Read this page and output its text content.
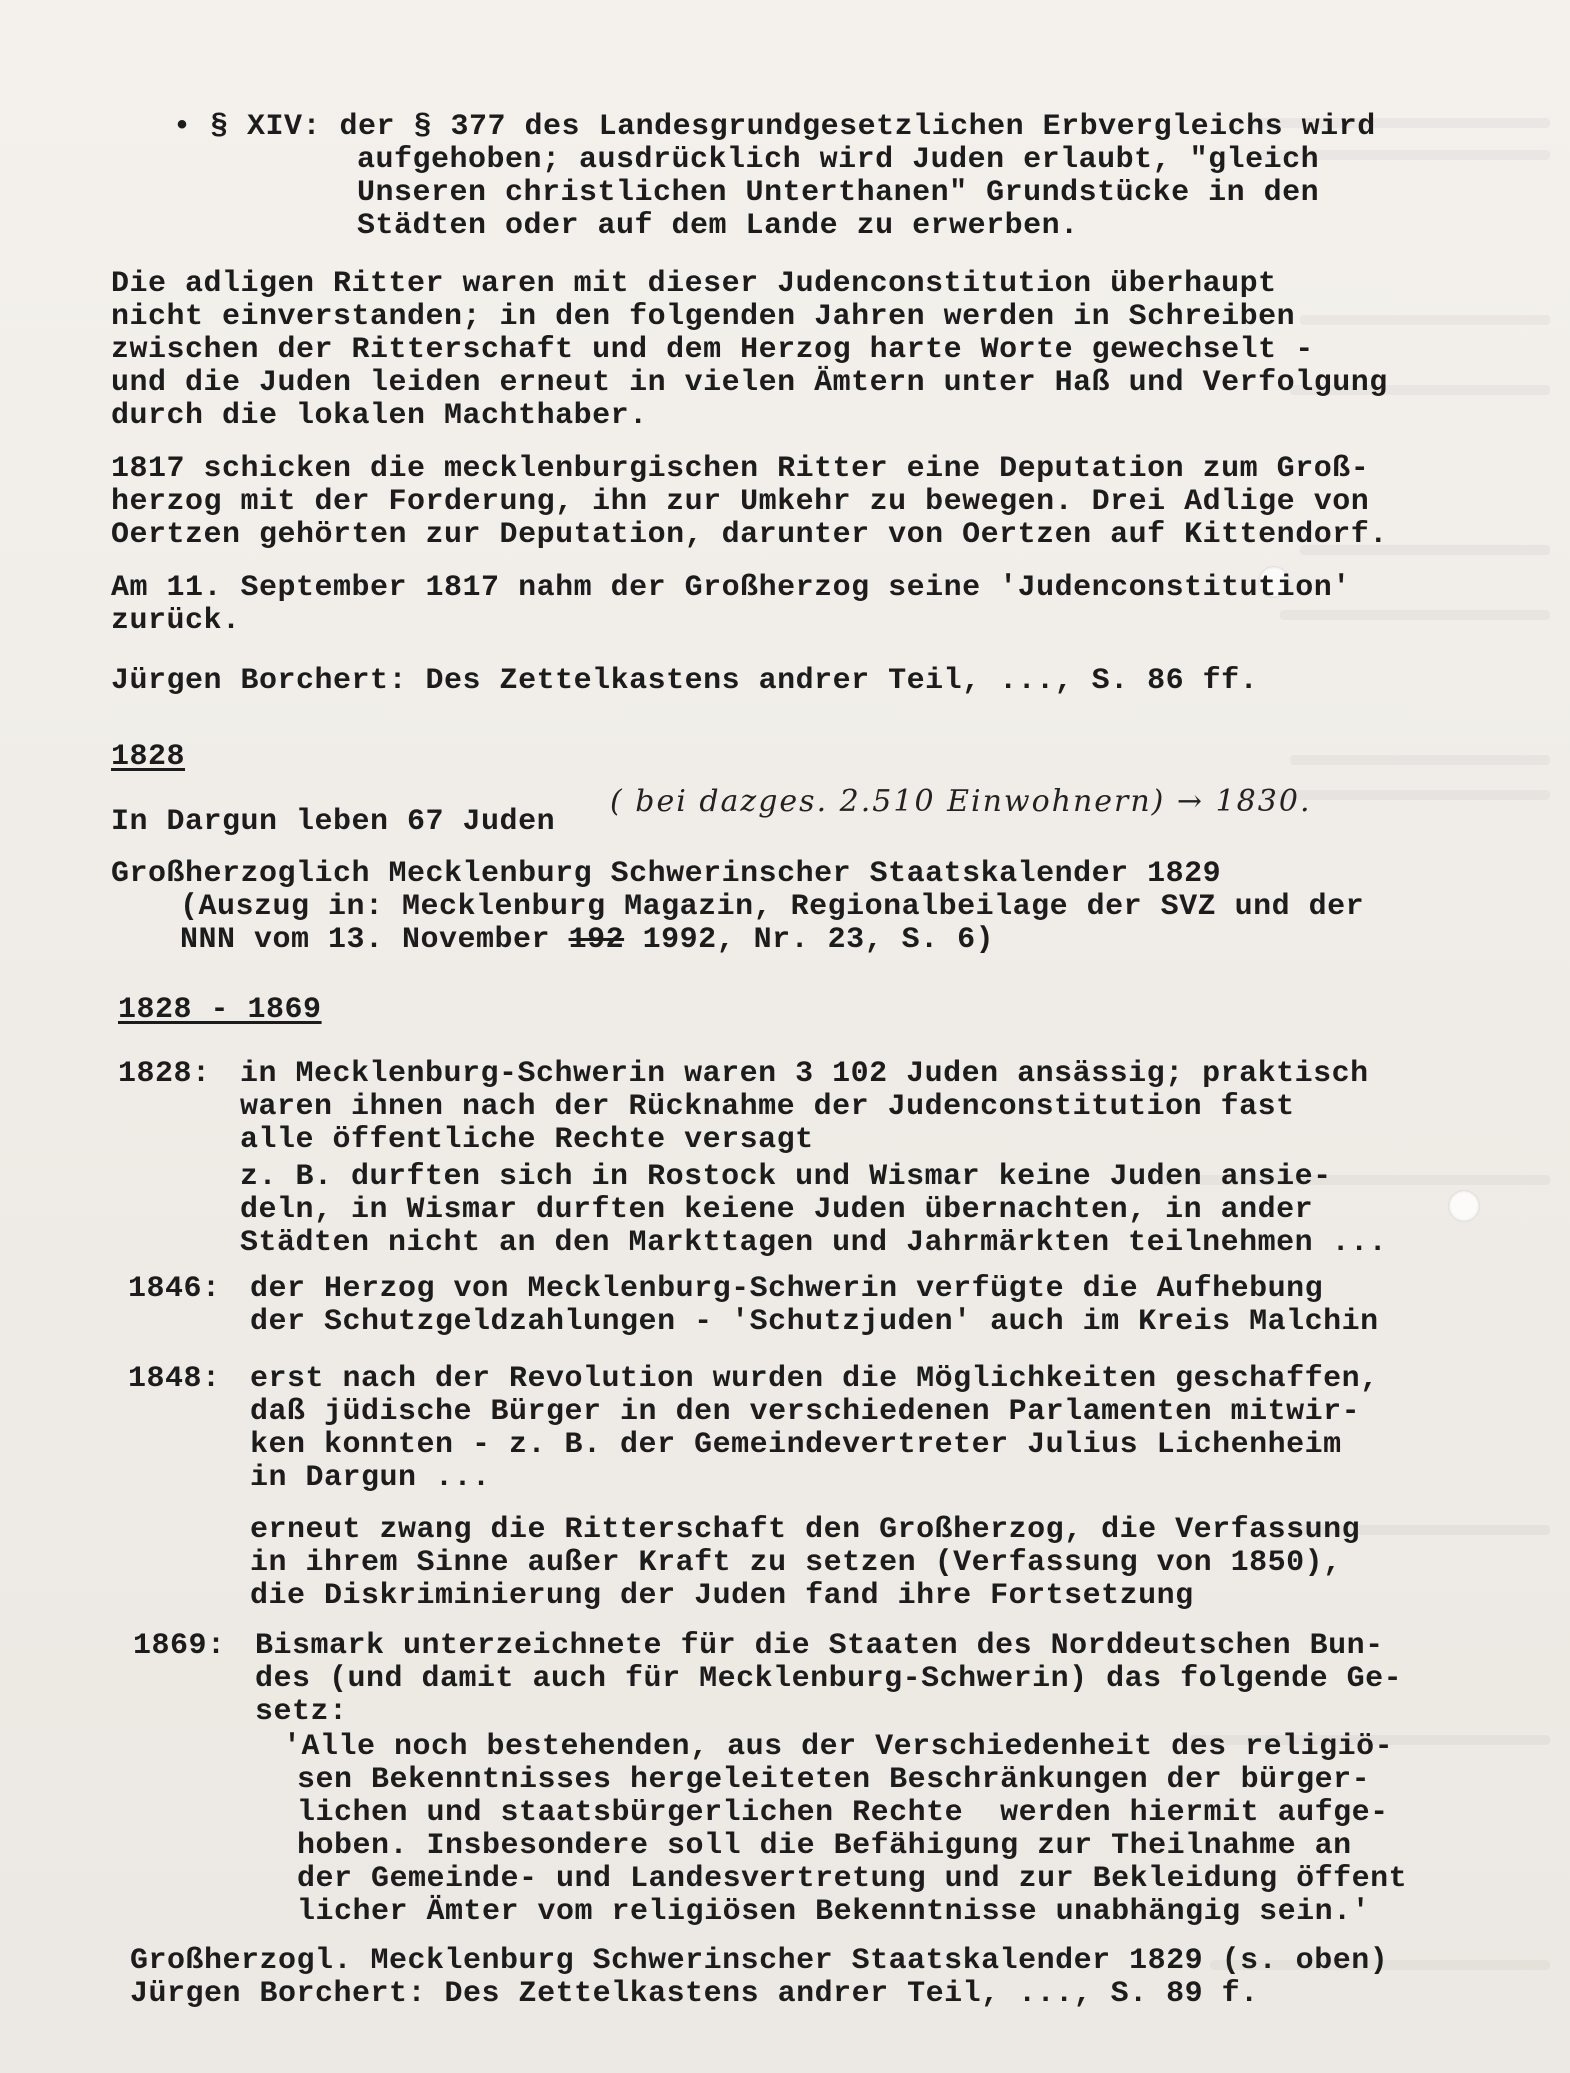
• § XIV: der § 377 des Landesgrundgesetzlichen Erbvergleichs wird
aufgehoben; ausdrücklich wird Juden erlaubt, "gleich
Unseren christlichen Unterthanen" Grundstücke in den
Städten oder auf dem Lande zu erwerben.
Die adligen Ritter waren mit dieser Judenconstitution überhaupt
nicht einverstanden; in den folgenden Jahren werden in Schreiben
zwischen der Ritterschaft und dem Herzog harte Worte gewechselt -
und die Juden leiden erneut in vielen Ämtern unter Haß und Verfolgung
durch die lokalen Machthaber.
1817 schicken die mecklenburgischen Ritter eine Deputation zum Groß-
herzog mit der Forderung, ihn zur Umkehr zu bewegen. Drei Adlige von
Oertzen gehörten zur Deputation, darunter von Oertzen auf Kittendorf.
Am 11. September 1817 nahm der Großherzog seine 'Judenconstitution'
zurück.
Jürgen Borchert: Des Zettelkastens andrer Teil, ..., S. 86 ff.
1828
In Dargun leben 67 Juden
( bei dazges. 2.510 Einwohnern) → 1830.
Großherzoglich Mecklenburg Schwerinscher Staatskalender 1829
(Auszug in: Mecklenburg Magazin, Regionalbeilage der SVZ und der
NNN vom 13. November 192 1992, Nr. 23, S. 6)
1828 - 1869
1828: in Mecklenburg-Schwerin waren 3 102 Juden ansässig; praktisch
waren ihnen nach der Rücknahme der Judenconstitution fast
alle öffentliche Rechte versagt
z. B. durften sich in Rostock und Wismar keine Juden ansie-
deln, in Wismar durften keiene Juden übernachten, in ander
Städten nicht an den Markttagen und Jahrmärkten teilnehmen ...
1846: der Herzog von Mecklenburg-Schwerin verfügte die Aufhebung
der Schutzgeldzahlungen - 'Schutzjuden' auch im Kreis Malchin
1848: erst nach der Revolution wurden die Möglichkeiten geschaffen,
daß jüdische Bürger in den verschiedenen Parlamenten mitwir-
ken konnten - z. B. der Gemeindevertreter Julius Lichenheim
in Dargun ...
erneut zwang die Ritterschaft den Großherzog, die Verfassung
in ihrem Sinne außer Kraft zu setzen (Verfassung von 1850),
die Diskriminierung der Juden fand ihre Fortsetzung
1869: Bismark unterzeichnete für die Staaten des Norddeutschen Bun-
des (und damit auch für Mecklenburg-Schwerin) das folgende Ge-
setz:
'Alle noch bestehenden, aus der Verschiedenheit des religiö-
sen Bekenntnisses hergeleiteten Beschränkungen der bürger-
lichen und staatsbürgerlichen Rechte  werden hiermit aufge-
hoben. Insbesondere soll die Befähigung zur Theilnahme an
der Gemeinde- und Landesvertretung und zur Bekleidung öffent
licher Ämter vom religiösen Bekenntnisse unabhängig sein.'
Großherzogl. Mecklenburg Schwerinscher Staatskalender 1829 (s. oben)
Jürgen Borchert: Des Zettelkastens andrer Teil, ..., S. 89 f.
